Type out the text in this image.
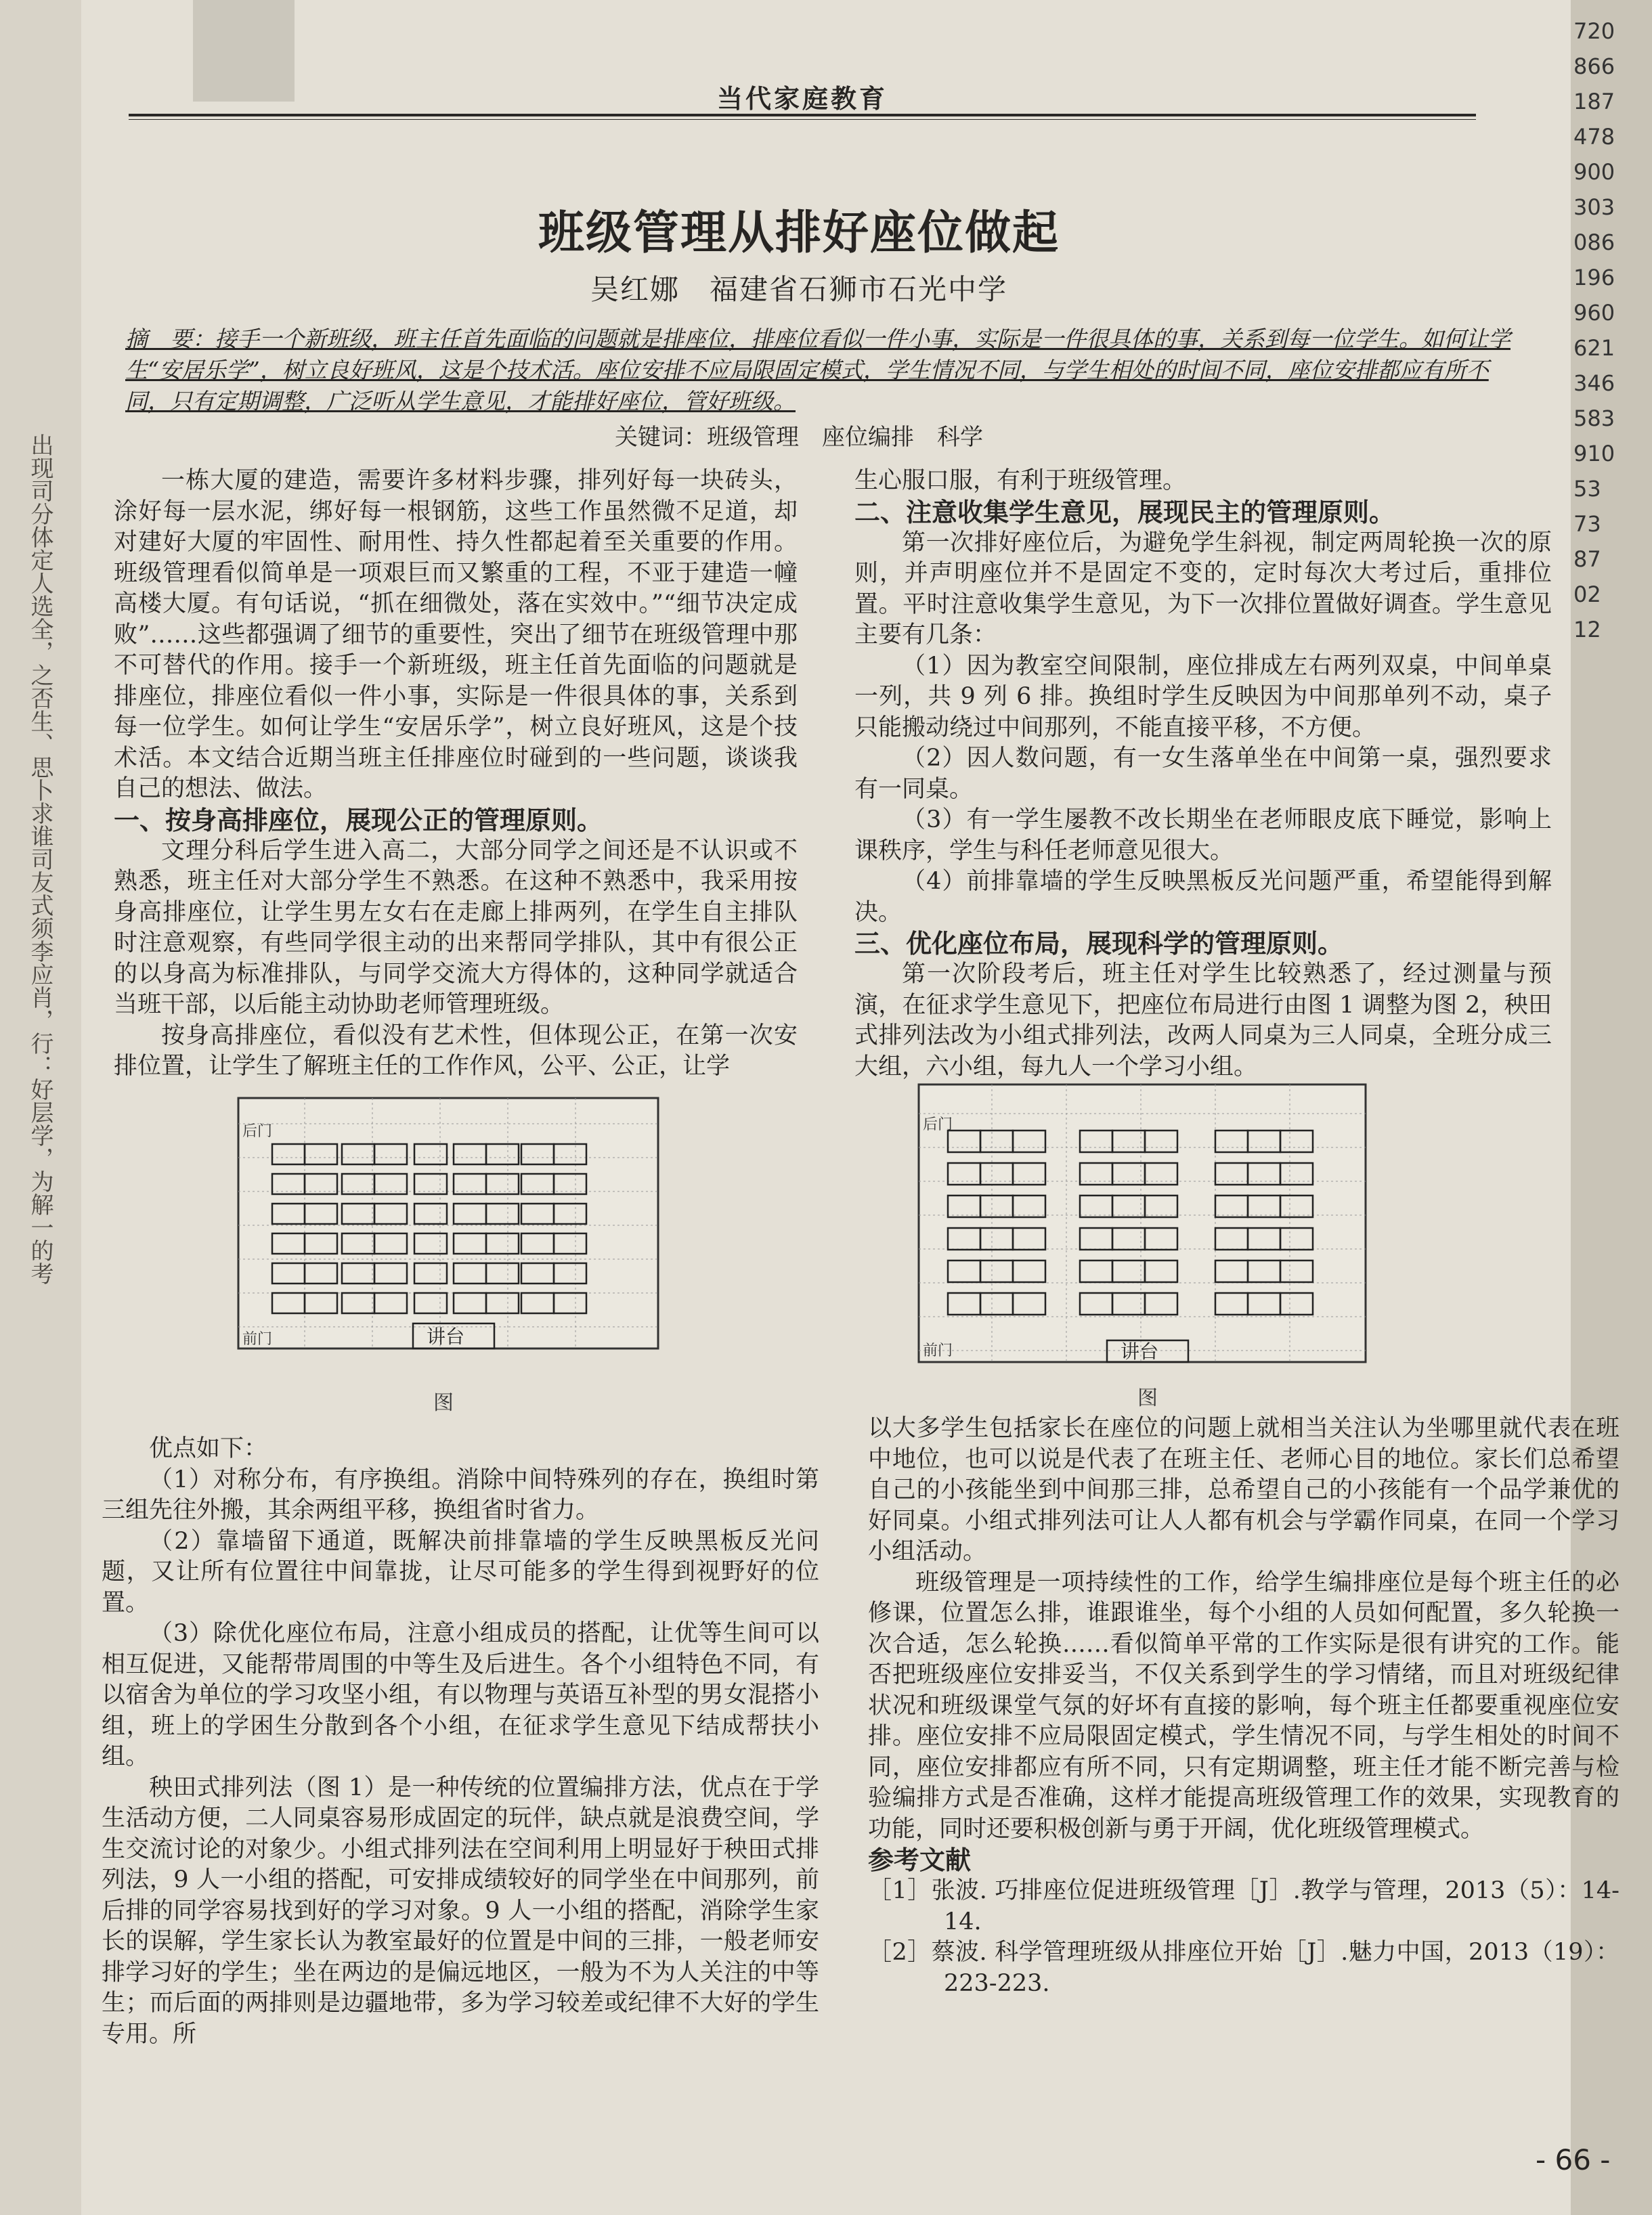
出现司分体定人选全，之否生、思卜求谁司友式须李应肖，行：好层学，为解一的考
720
866
187
478
900
303
086
196
960
621
346
583
910
53
73
87
02
12
当代家庭教育
班级管理从排好座位做起
吴红娜　福建省石狮市石光中学
摘　要：接手一个新班级，班主任首先面临的问题就是排座位，排座位看似一件小事，实际是一件很具体的事，关系到每一位学生。如何让学生“安居乐学”，树立良好班风，这是个技术活。座位安排不应局限固定模式，学生情况不同，与学生相处的时间不同，座位安排都应有所不同，只有定期调整，广泛听从学生意见，才能排好座位，管好班级。
关键词：班级管理　座位编排　科学

一栋大厦的建造，需要许多材料步骤，排列好每一块砖头，涂好每一层水泥，绑好每一根钢筋，这些工作虽然微不足道，却对建好大厦的牢固性、耐用性、持久性都起着至关重要的作用。班级管理看似简单是一项艰巨而又繁重的工程，不亚于建造一幢高楼大厦。有句话说，“抓在细微处，落在实效中。”“细节决定成败”……这些都强调了细节的重要性，突出了细节在班级管理中那不可替代的作用。接手一个新班级，班主任首先面临的问题就是排座位，排座位看似一件小事，实际是一件很具体的事，关系到每一位学生。如何让学生“安居乐学”，树立良好班风，这是个技术活。本文结合近期当班主任排座位时碰到的一些问题，谈谈我自己的想法、做法。

一、按身高排座位，展现公正的管理原则。

文理分科后学生进入高二，大部分同学之间还是不认识或不熟悉，班主任对大部分学生不熟悉。在这种不熟悉中，我采用按身高排座位，让学生男左女右在走廊上排两列，在学生自主排队时注意观察，有些同学很主动的出来帮同学排队，其中有很公正的以身高为标准排队，与同学交流大方得体的，这种同学就适合当班干部，以后能主动协助老师管理班级。

按身高排座位，看似没有艺术性，但体现公正，在第一次安排位置，让学生了解班主任的工作作风，公平、公正，让学

生心服口服，有利于班级管理。

二、注意收集学生意见，展现民主的管理原则。

第一次排好座位后，为避免学生斜视，制定两周轮换一次的原则，并声明座位并不是固定不变的，定时每次大考过后，重排位置。平时注意收集学生意见，为下一次排位置做好调查。学生意见主要有几条：

（1）因为教室空间限制，座位排成左右两列双桌，中间单桌一列，共 9 列 6 排。换组时学生反映因为中间那单列不动，桌子只能搬动绕过中间那列，不能直接平移，不方便。

（2）因人数问题，有一女生落单坐在中间第一桌，强烈要求有一同桌。

（3）有一学生屡教不改长期坐在老师眼皮底下睡觉，影响上课秩序，学生与科任老师意见很大。

（4）前排靠墙的学生反映黑板反光问题严重，希望能得到解决。

三、优化座位布局，展现科学的管理原则。

第一次阶段考后，班主任对学生比较熟悉了，经过测量与预演，在征求学生意见下，把座位布局进行由图 1 调整为图 2，秧田式排列法改为小组式排列法，改两人同桌为三人同桌，全班分成三大组，六小组，每九人一个学习小组。

后门
前门	讲台
图
后门
前门	讲台
图

优点如下：

（1）对称分布，有序换组。消除中间特殊列的存在，换组时第三组先往外搬，其余两组平移，换组省时省力。

（2）靠墙留下通道，既解决前排靠墙的学生反映黑板反光问题，又让所有位置往中间靠拢，让尽可能多的学生得到视野好的位置。

（3）除优化座位布局，注意小组成员的搭配，让优等生间可以相互促进，又能帮带周围的中等生及后进生。各个小组特色不同，有以宿舍为单位的学习攻坚小组，有以物理与英语互补型的男女混搭小组，班上的学困生分散到各个小组，在征求学生意见下结成帮扶小组。

秧田式排列法（图 1）是一种传统的位置编排方法，优点在于学生活动方便，二人同桌容易形成固定的玩伴，缺点就是浪费空间，学生交流讨论的对象少。小组式排列法在空间利用上明显好于秧田式排列法，9 人一小组的搭配，可安排成绩较好的同学坐在中间那列，前后排的同学容易找到好的学习对象。9 人一小组的搭配，消除学生家长的误解，学生家长认为教室最好的位置是中间的三排，一般老师安排学习好的学生；坐在两边的是偏远地区，一般为不为人关注的中等生；而后面的两排则是边疆地带，多为学习较差或纪律不大好的学生专用。所

以大多学生包括家长在座位的问题上就相当关注认为坐哪里就代表在班中地位，也可以说是代表了在班主任、老师心目的地位。家长们总希望自己的小孩能坐到中间那三排，总希望自己的小孩能有一个品学兼优的好同桌。小组式排列法可让人人都有机会与学霸作同桌，在同一个学习小组活动。

班级管理是一项持续性的工作，给学生编排座位是每个班主任的必修课，位置怎么排，谁跟谁坐，每个小组的人员如何配置，多久轮换一次合适，怎么轮换……看似简单平常的工作实际是很有讲究的工作。能否把班级座位安排妥当，不仅关系到学生的学习情绪，而且对班级纪律状况和班级课堂气氛的好坏有直接的影响，每个班主任都要重视座位安排。座位安排不应局限固定模式，学生情况不同，与学生相处的时间不同，座位安排都应有所不同，只有定期调整，班主任才能不断完善与检验编排方式是否准确，这样才能提高班级管理工作的效果，实现教育的功能，同时还要积极创新与勇于开阔，优化班级管理模式。

参考文献

［1］张波. 巧排座位促进班级管理［J］.教学与管理，2013（5）：14-14.

［2］蔡波. 科学管理班级从排座位开始［J］.魅力中国，2013（19）：223-223.

- 66 -
